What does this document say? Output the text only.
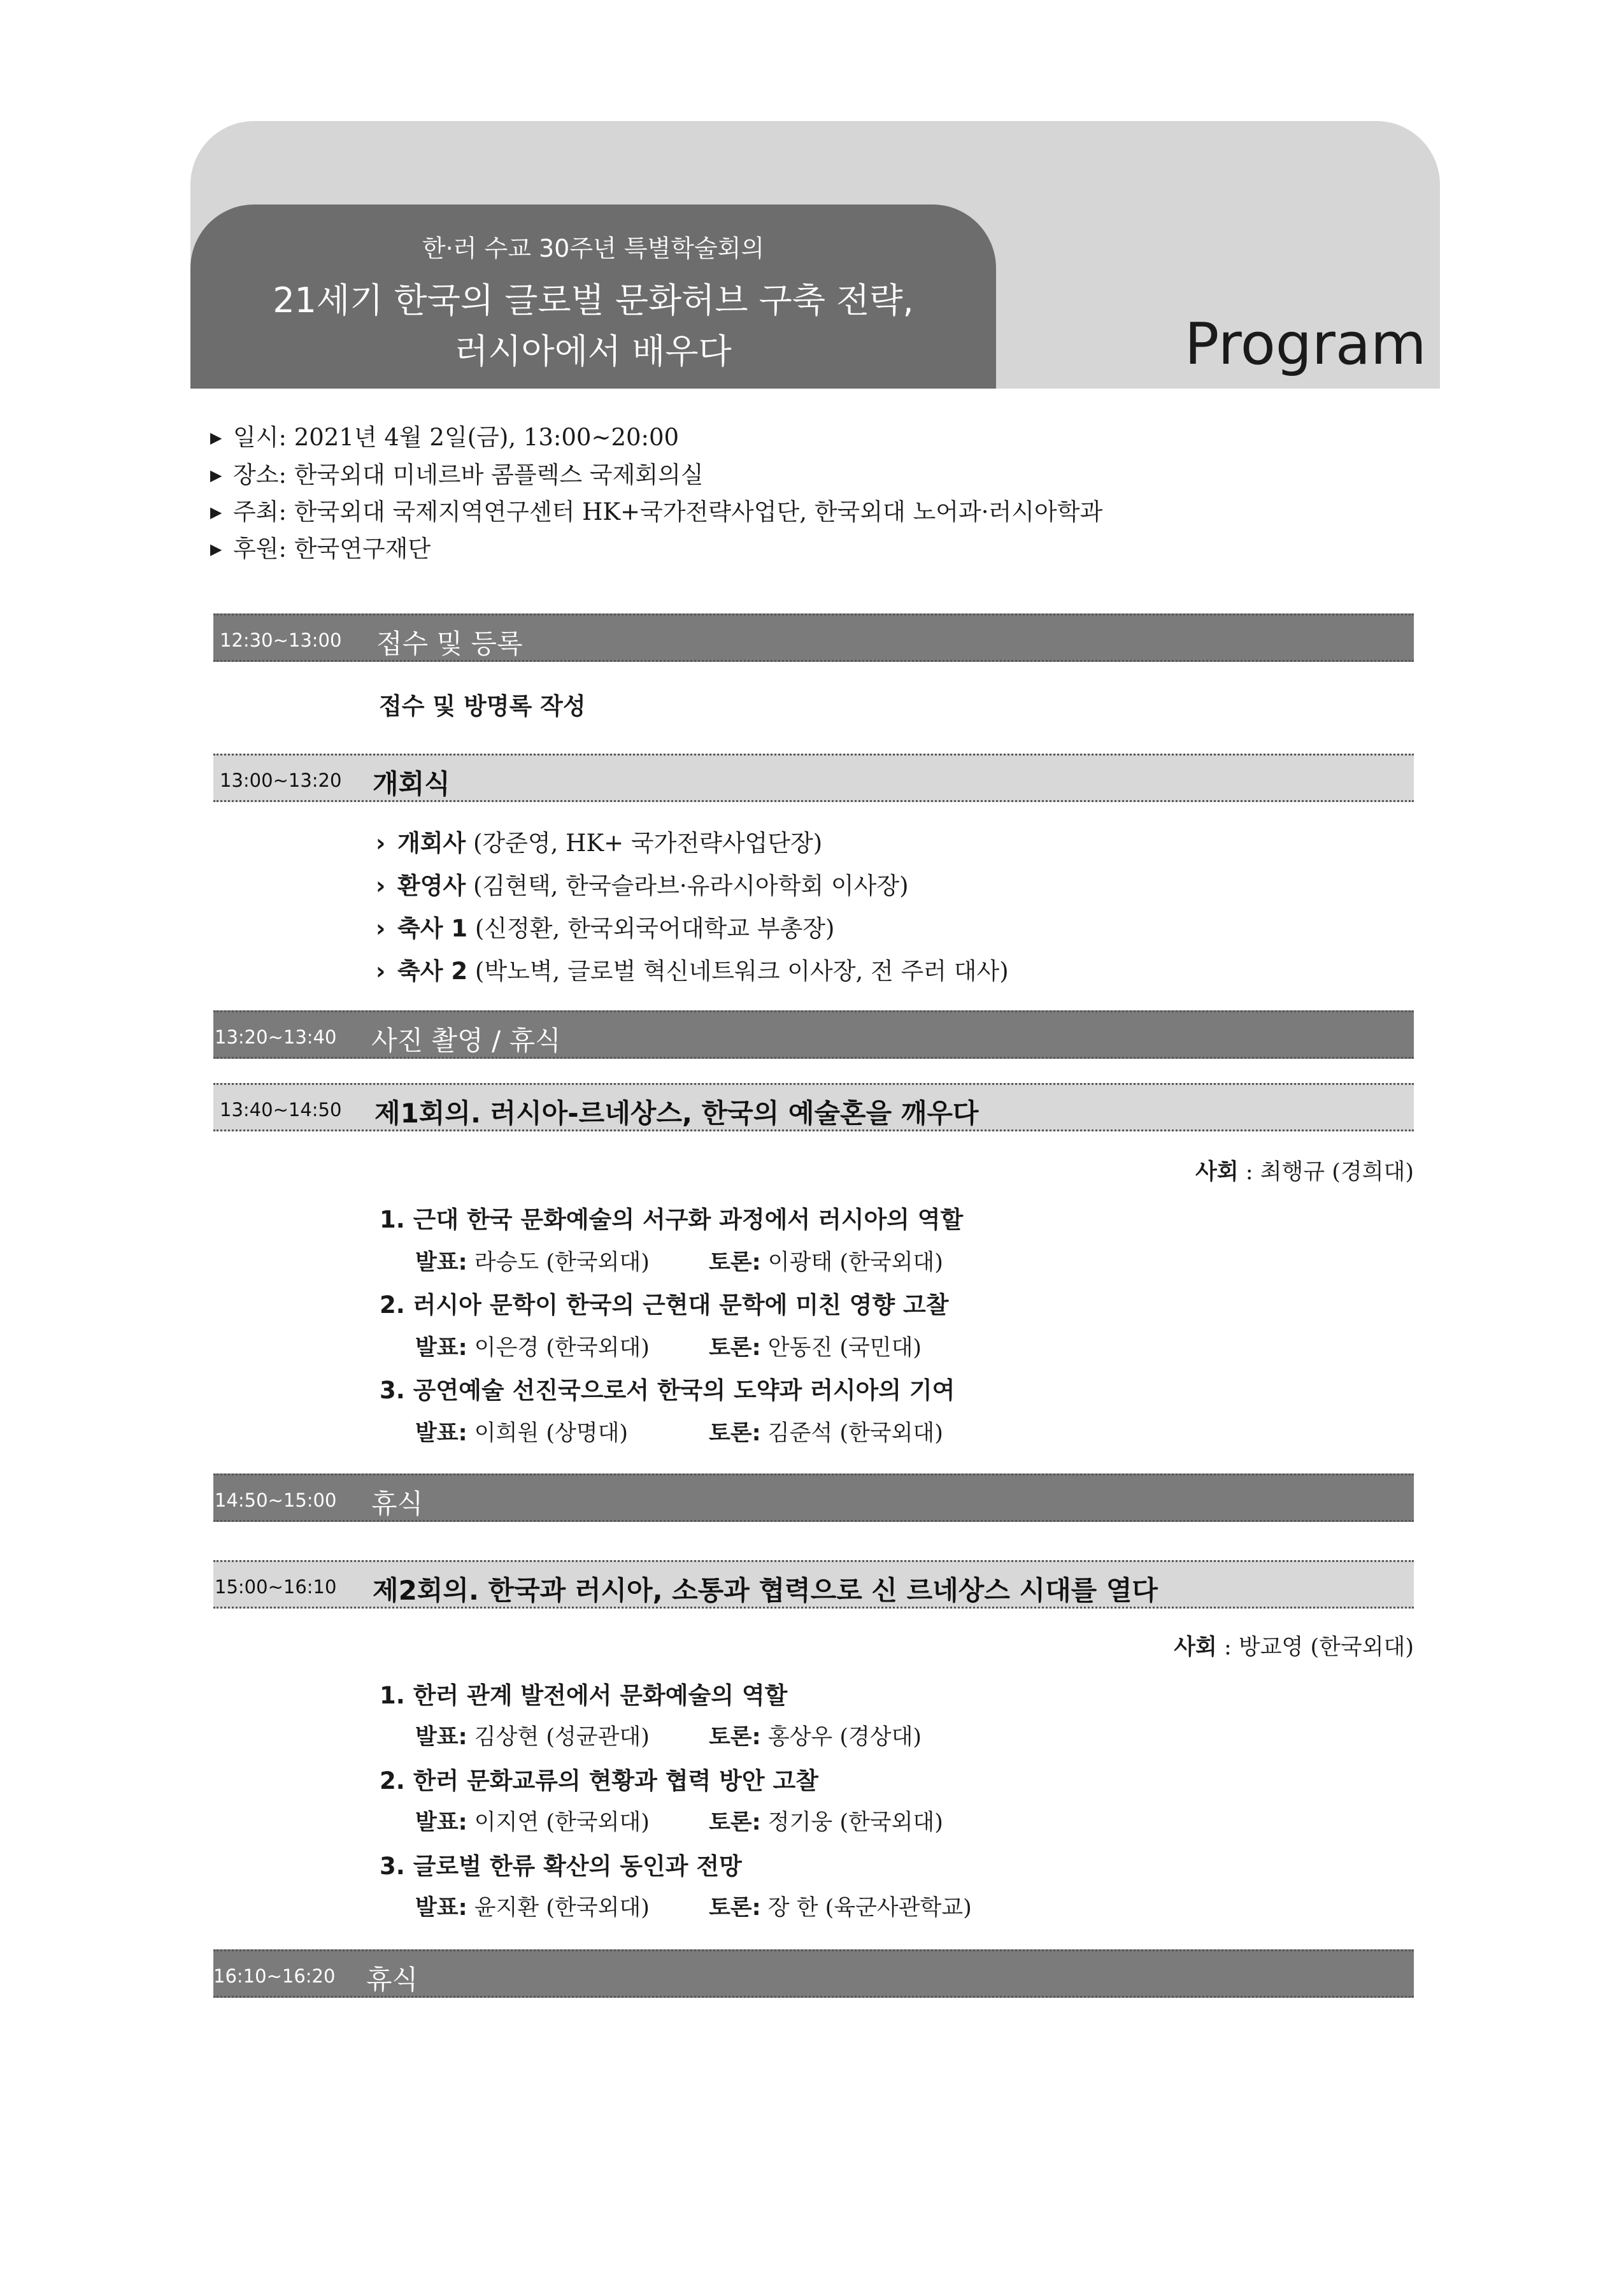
한·러 수교 30주년 특별학술회의
21세기 한국의 글로벌 문화허브 구축 전략,
러시아에서 배우다	Program
▶ 일시: 2021년 4월 2일(금), 13:00~20:00
▶ 장소: 한국외대 미네르바 콤플렉스 국제회의실
▶ 주최: 한국외대 국제지역연구센터 HK+국가전략사업단, 한국외대 노어과·러시아학과
▶ 후원: 한국연구재단
12:30~13:00 접수 및 등록
접수 및 방명록 작성
13:00~13:20 개회식
› 개회사 (강준영, HK+ 국가전략사업단장)
› 환영사 (김현택, 한국슬라브·유라시아학회 이사장)
› 축사 1 (신정환, 한국외국어대학교 부총장)
› 축사 2 (박노벽, 글로벌 혁신네트워크 이사장, 전 주러 대사)
13:20~13:40 사진 촬영 / 휴식
13:40~14:50 제1회의. 러시아-르네상스, 한국의 예술혼을 깨우다
사회 : 최행규 (경희대)
1. 근대 한국 문화예술의 서구화 과정에서 러시아의 역할
발표: 라승도 (한국외대)	토론: 이광태 (한국외대)
2. 러시아 문학이 한국의 근현대 문학에 미친 영향 고찰
발표: 이은경 (한국외대)	토론: 안동진 (국민대)
3. 공연예술 선진국으로서 한국의 도약과 러시아의 기여
발표: 이희원 (상명대)	토론: 김준석 (한국외대)
14:50~15:00 휴식
15:00~16:10 제2회의. 한국과 러시아, 소통과 협력으로 신 르네상스 시대를 열다
사회 : 방교영 (한국외대)
1. 한러 관계 발전에서 문화예술의 역할
발표: 김상현 (성균관대)	토론: 홍상우 (경상대)
2. 한러 문화교류의 현황과 협력 방안 고찰
발표: 이지연 (한국외대)	토론: 정기웅 (한국외대)
3. 글로벌 한류 확산의 동인과 전망
발표: 윤지환 (한국외대)	토론: 장 한 (육군사관학교)
16:10~16:20 휴식
